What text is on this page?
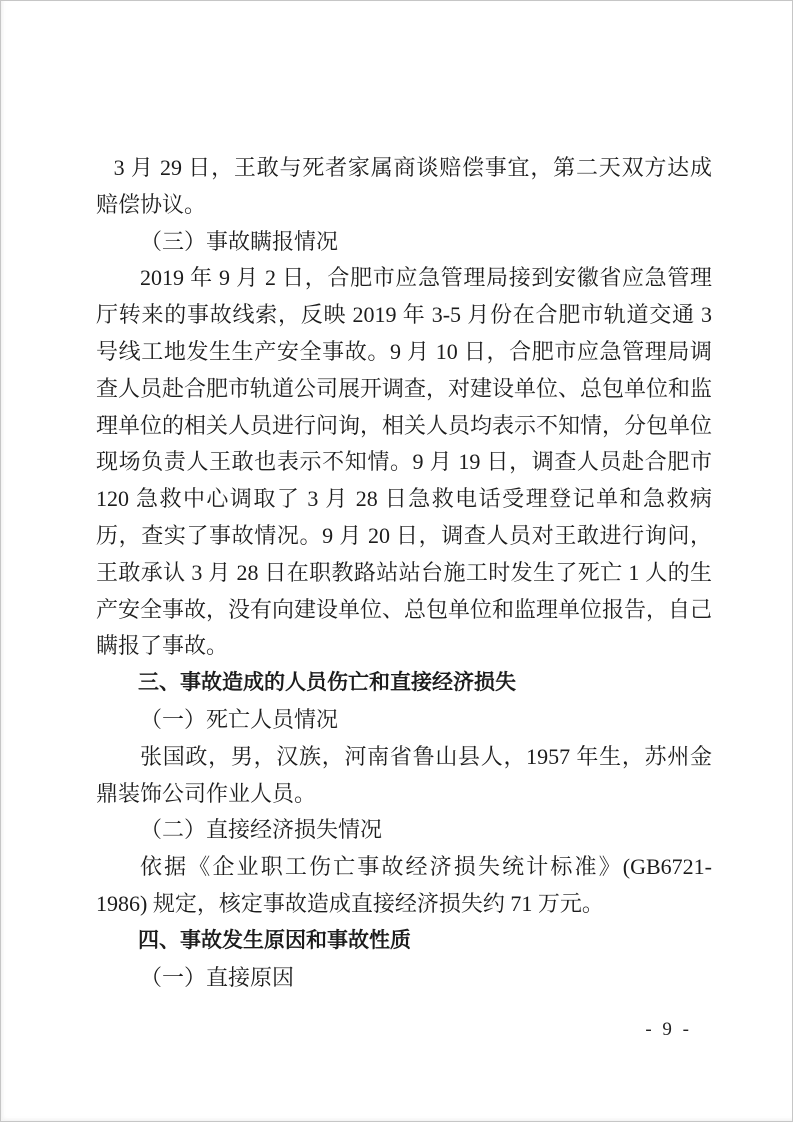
3 月 29 日，王敢与死者家属商谈赔偿事宜，第二天双方达成赔偿协议。

（三）事故瞒报情况

2019 年 9 月 2 日，合肥市应急管理局接到安徽省应急管理厅转来的事故线索，反映 2019 年 3-5 月份在合肥市轨道交通 3 号线工地发生生产安全事故。9 月 10 日，合肥市应急管理局调查人员赴合肥市轨道公司展开调查，对建设单位、总包单位和监理单位的相关人员进行问询，相关人员均表示不知情，分包单位现场负责人王敢也表示不知情。9 月 19 日，调查人员赴合肥市 120 急救中心调取了 3 月 28 日急救电话受理登记单和急救病历，查实了事故情况。9 月 20 日，调查人员对王敢进行询问，王敢承认 3 月 28 日在职教路站站台施工时发生了死亡 1 人的生产安全事故，没有向建设单位、总包单位和监理单位报告，自己瞒报了事故。

三、事故造成的人员伤亡和直接经济损失

（一）死亡人员情况

张国政，男，汉族，河南省鲁山县人，1957 年生，苏州金鼎装饰公司作业人员。

（二）直接经济损失情况

依据《企业职工伤亡事故经济损失统计标准》(GB6721-1986) 规定，核定事故造成直接经济损失约 71 万元。

四、事故发生原因和事故性质

（一）直接原因

- 9 -
